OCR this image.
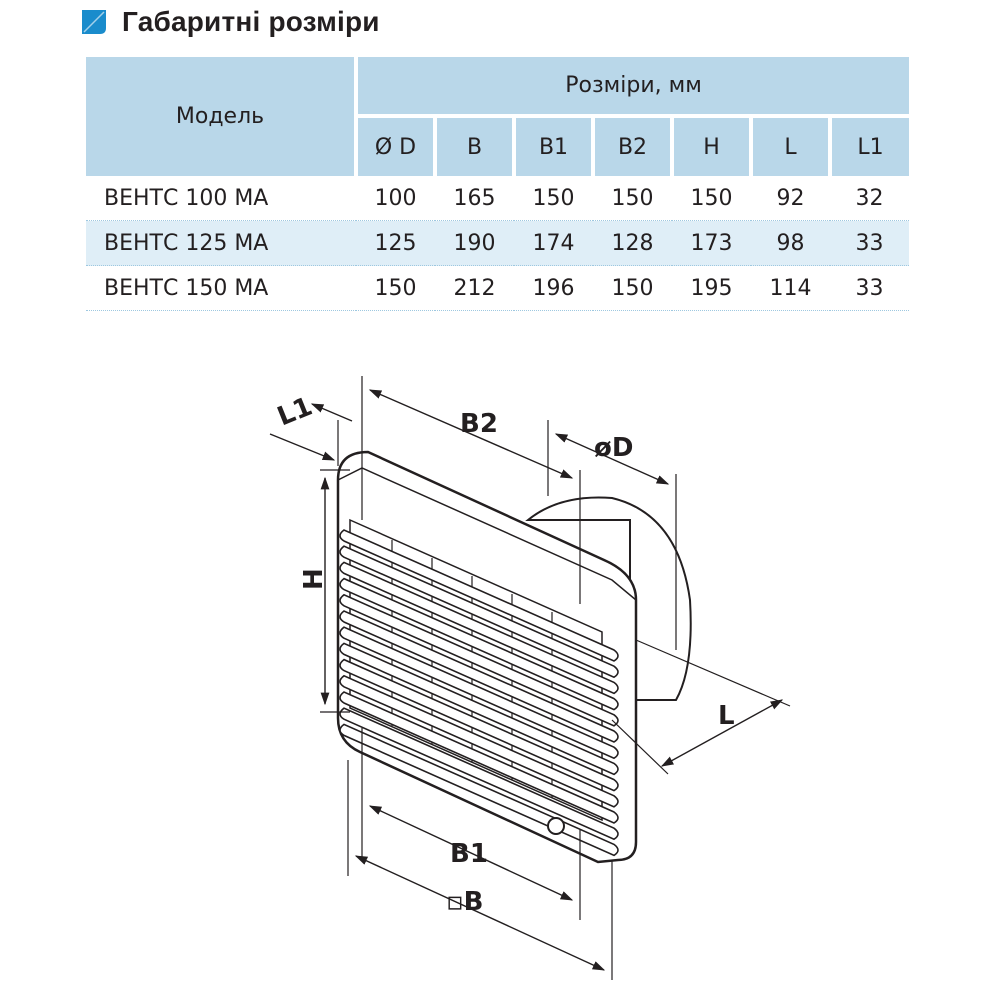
Габаритні розміри
Модель	Розміри, мм						
	Ø D	B	B1	B2	H	L	L1
ВЕНТС 100 МА	100	165	150	150	150	92	32
ВЕНТС 125 МА	125	190	174	128	173	98	33
ВЕНТС 150 МА	150	212	196	150	195	114	33
L1	B2
øD
H
L
B1
▫B
